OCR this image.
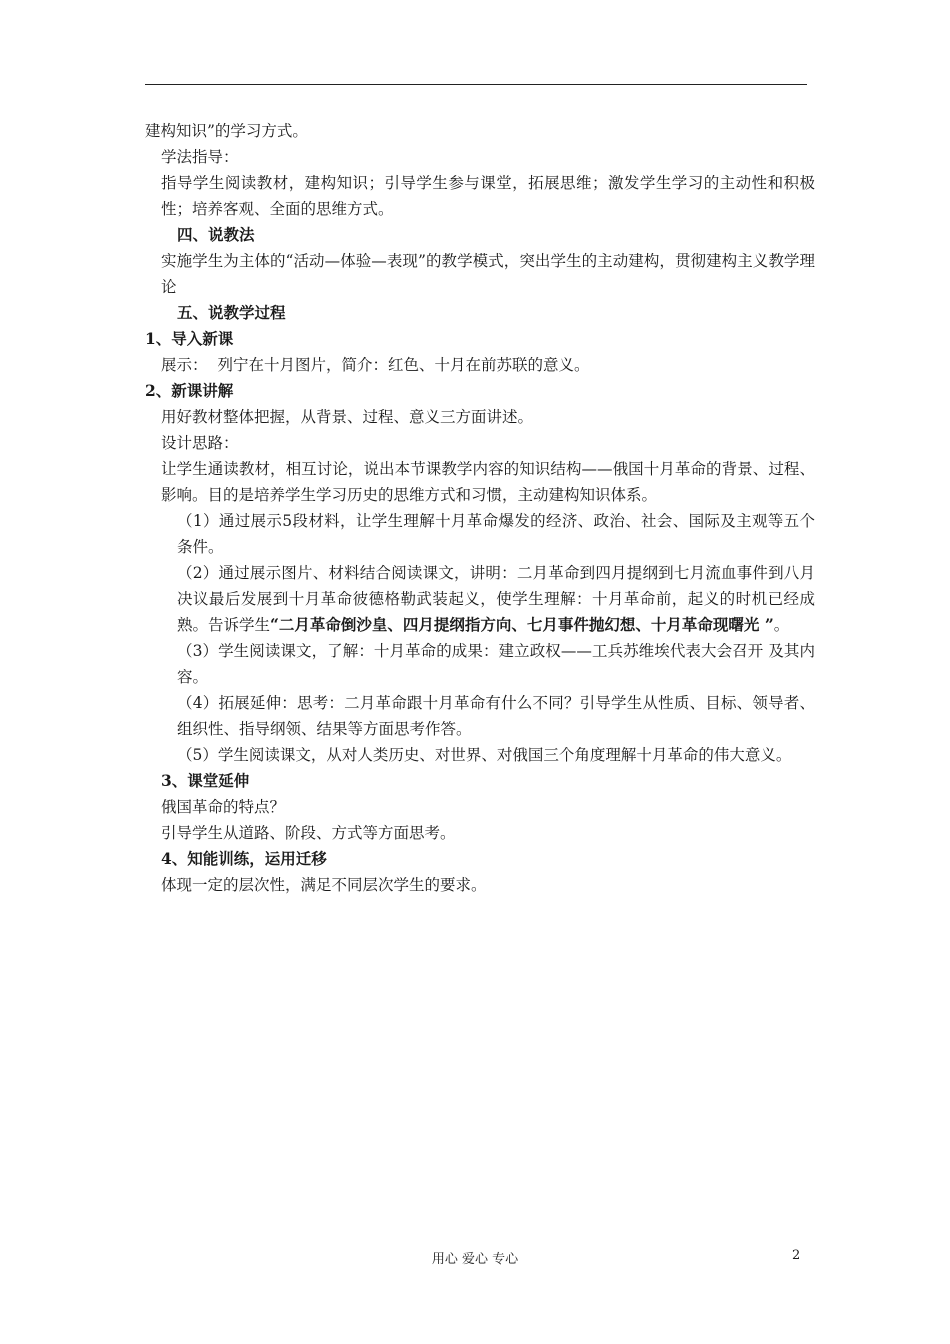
建构知识”的学习方式。

学法指导：

指导学生阅读教材，建构知识；引导学生参与课堂，拓展思维；激发学生学习的主动性和积极性；培养客观、全面的思维方式。

四、说教法

实施学生为主体的“活动—体验—表现”的教学模式，突出学生的主动建构，贯彻建构主义教学理论

五、说教学过程

1、导入新课

展示： 列宁在十月图片，简介：红色、十月在前苏联的意义。

2、新课讲解

用好教材整体把握，从背景、过程、意义三方面讲述。

设计思路：

让学生通读教材，相互讨论，说出本节课教学内容的知识结构——俄国十月革命的背景、过程、影响。目的是培养学生学习历史的思维方式和习惯，主动建构知识体系。

（1）通过展示5段材料，让学生理解十月革命爆发的经济、政治、社会、国际及主观等五个条件。

（2）通过展示图片、材料结合阅读课文，讲明：二月革命到四月提纲到七月流血事件到八月决议最后发展到十月革命彼德格勒武装起义，使学生理解：十月革命前，起义的时机已经成熟。告诉学生“二月革命倒沙皇、四月提纲指方向、七月事件抛幻想、十月革命现曙光 ”。

（3）学生阅读课文，了解：十月革命的成果：建立政权——工兵苏维埃代表大会召开 及其内容。

（4）拓展延伸：思考：二月革命跟十月革命有什么不同？引导学生从性质、目标、领导者、组织性、指导纲领、结果等方面思考作答。

（5）学生阅读课文，从对人类历史、对世界、对俄国三个角度理解十月革命的伟大意义。

3、课堂延伸

俄国革命的特点？

引导学生从道路、阶段、方式等方面思考。

4、知能训练，运用迁移

体现一定的层次性，满足不同层次学生的要求。

用心 爱心 专心	2
